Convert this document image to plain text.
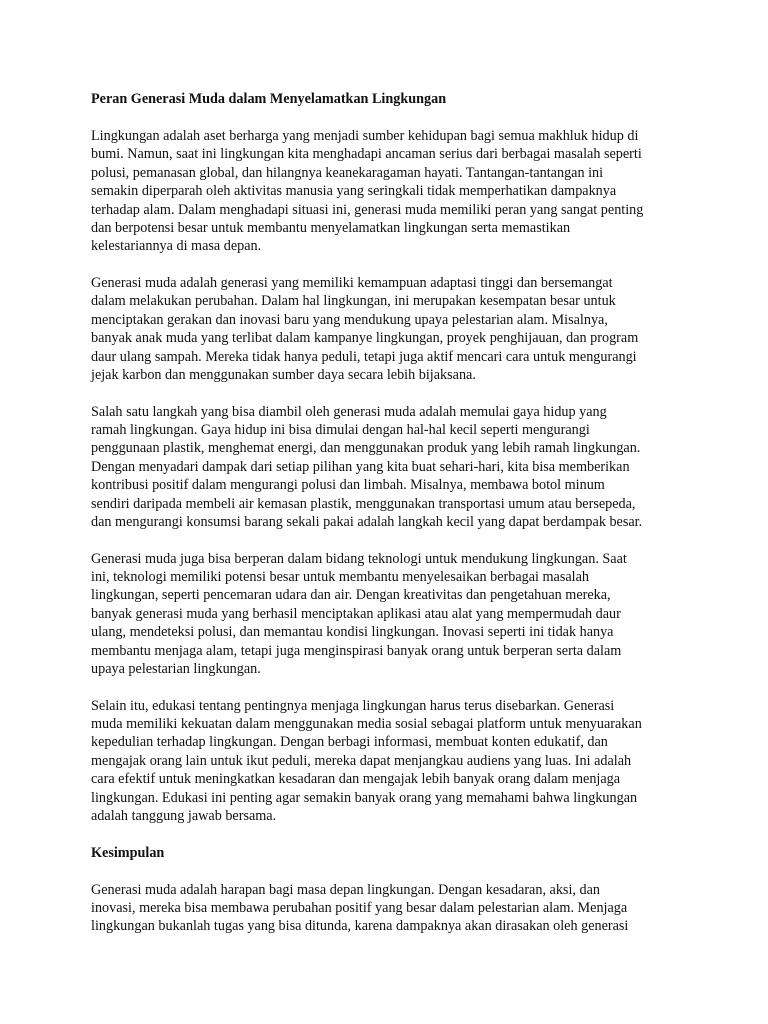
Peran Generasi Muda dalam Menyelamatkan Lingkungan

Lingkungan adalah aset berharga yang menjadi sumber kehidupan bagi semua makhluk hidup di
bumi. Namun, saat ini lingkungan kita menghadapi ancaman serius dari berbagai masalah seperti
polusi, pemanasan global, dan hilangnya keanekaragaman hayati. Tantangan-tantangan ini
semakin diperparah oleh aktivitas manusia yang seringkali tidak memperhatikan dampaknya
terhadap alam. Dalam menghadapi situasi ini, generasi muda memiliki peran yang sangat penting
dan berpotensi besar untuk membantu menyelamatkan lingkungan serta memastikan
kelestariannya di masa depan.

Generasi muda adalah generasi yang memiliki kemampuan adaptasi tinggi dan bersemangat
dalam melakukan perubahan. Dalam hal lingkungan, ini merupakan kesempatan besar untuk
menciptakan gerakan dan inovasi baru yang mendukung upaya pelestarian alam. Misalnya,
banyak anak muda yang terlibat dalam kampanye lingkungan, proyek penghijauan, dan program
daur ulang sampah. Mereka tidak hanya peduli, tetapi juga aktif mencari cara untuk mengurangi
jejak karbon dan menggunakan sumber daya secara lebih bijaksana.

Salah satu langkah yang bisa diambil oleh generasi muda adalah memulai gaya hidup yang
ramah lingkungan. Gaya hidup ini bisa dimulai dengan hal-hal kecil seperti mengurangi
penggunaan plastik, menghemat energi, dan menggunakan produk yang lebih ramah lingkungan.
Dengan menyadari dampak dari setiap pilihan yang kita buat sehari-hari, kita bisa memberikan
kontribusi positif dalam mengurangi polusi dan limbah. Misalnya, membawa botol minum
sendiri daripada membeli air kemasan plastik, menggunakan transportasi umum atau bersepeda,
dan mengurangi konsumsi barang sekali pakai adalah langkah kecil yang dapat berdampak besar.

Generasi muda juga bisa berperan dalam bidang teknologi untuk mendukung lingkungan. Saat
ini, teknologi memiliki potensi besar untuk membantu menyelesaikan berbagai masalah
lingkungan, seperti pencemaran udara dan air. Dengan kreativitas dan pengetahuan mereka,
banyak generasi muda yang berhasil menciptakan aplikasi atau alat yang mempermudah daur
ulang, mendeteksi polusi, dan memantau kondisi lingkungan. Inovasi seperti ini tidak hanya
membantu menjaga alam, tetapi juga menginspirasi banyak orang untuk berperan serta dalam
upaya pelestarian lingkungan.

Selain itu, edukasi tentang pentingnya menjaga lingkungan harus terus disebarkan. Generasi
muda memiliki kekuatan dalam menggunakan media sosial sebagai platform untuk menyuarakan
kepedulian terhadap lingkungan. Dengan berbagi informasi, membuat konten edukatif, dan
mengajak orang lain untuk ikut peduli, mereka dapat menjangkau audiens yang luas. Ini adalah
cara efektif untuk meningkatkan kesadaran dan mengajak lebih banyak orang dalam menjaga
lingkungan. Edukasi ini penting agar semakin banyak orang yang memahami bahwa lingkungan
adalah tanggung jawab bersama.

Kesimpulan

Generasi muda adalah harapan bagi masa depan lingkungan. Dengan kesadaran, aksi, dan
inovasi, mereka bisa membawa perubahan positif yang besar dalam pelestarian alam. Menjaga
lingkungan bukanlah tugas yang bisa ditunda, karena dampaknya akan dirasakan oleh generasi
